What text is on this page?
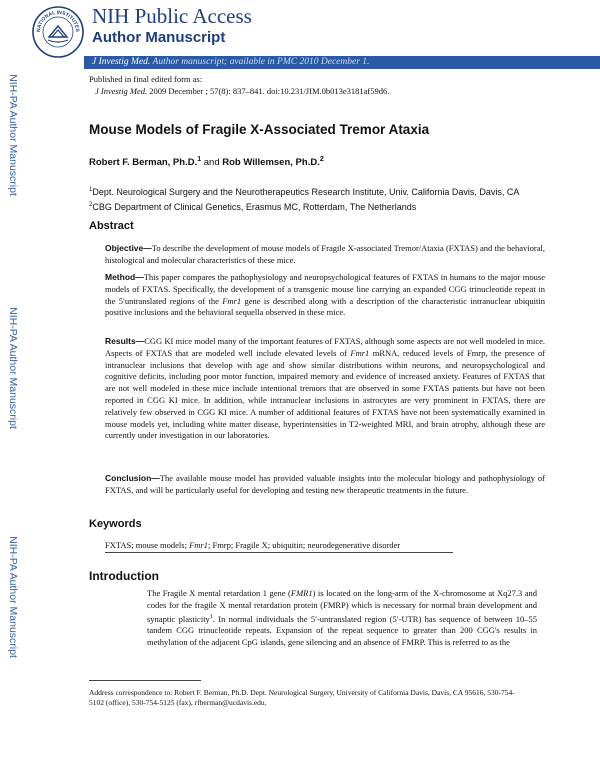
NATIONAL INSTITUTES
NIH Public Access
Author Manuscript
J Investig Med. Author manuscript; available in PMC 2010 December 1.
NIH-PA Author Manuscript
NIH-PA Author Manuscript
NIH-PA Author Manuscript
Published in final edited form as:
J Investig Med. 2009 December ; 57(8): 837–841. doi:10.231/JIM.0b013e3181af59d6.
Mouse Models of Fragile X-Associated Tremor Ataxia
Robert F. Berman, Ph.D.$^1$ and Rob Willemsen, Ph.D.$^2$
$^1$Dept. Neurological Surgery and the Neurotherapeutics Research Institute, Univ. California Davis, Davis, CA $^2$CBG Department of Clinical Genetics, Erasmus MC, Rotterdam, The Netherlands
Abstract
Objective—To describe the development of mouse models of Fragile X-associated Tremor/Ataxia (FXTAS) and the behavioral, histological and molecular characteristics of these mice.
Method—This paper compares the pathophysiology and neuropsychological features of FXTAS in humans to the major mouse models of FXTAS. Specifically, the development of a transgenic mouse line carrying an expanded CGG trinucleotide repeat in the 5′untranslated regions of the Fmr1 gene is described along with a description of the characteristic intranuclear ubiquitin positive inclusions and the behavioral sequella observed in these mice.
Results—CGG KI mice model many of the important features of FXTAS, although some aspects are not well modeled in mice. Aspects of FXTAS that are modeled well include elevated levels of Fmr1 mRNA, reduced levels of Fmrp, the presence of intranuclear inclusions that develop with age and show similar distributions within neurons, and neuropsychological and cognitive deficits, including poor motor function, impaired memory and evidence of increased anxiety. Features of FXTAS that are not well modeled in these mice include intentional tremors that are observed in some FXTAS patients but have not been reported in CGG KI mice. In addition, while intranuclear inclusions in astrocytes are very prominent in FXTAS, there are relatively few observed in CGG KI mice. A number of additional features of FXTAS have not been systematically examined in mouse models yet, including white matter disease, hyperintensities in T2-weighted MRI, and brain atrophy, although these are currently under investigation in our laboratories.
Conclusion—The available mouse model has provided valuable insights into the molecular biology and pathophysiology of FXTAS, and will be particularly useful for developing and testing new therapeutic treatments in the future.
Keywords
FXTAS; mouse models; Fmr1; Fmrp; Fragile X; ubiquitin; neurodegenerative disorder
Introduction
The Fragile X mental retardation 1 gene (FMR1) is located on the long-arm of the X-chromosome at Xq27.3 and codes for the fragile X mental retardation protein (FMRP) which is necessary for normal brain development and synaptic plasticity$^1$. In normal individuals the 5′-untranslated region (5′-UTR) has sequence of between 10–55 tandem CGG trinucleotide repeats. Expansion of the repeat sequence to greater than 200 CGG's results in methylation of the adjacent CpG islands, gene silencing and an absence of FMRP. This is referred to as the
Address correspondence to: Robert F. Berman, Ph.D. Dept. Neurological Surgery, University of California Davis, Davis, CA 95616, 530-754-5102 (office), 530-754-5125 (fax), rfberman@ucdavis.edu.
